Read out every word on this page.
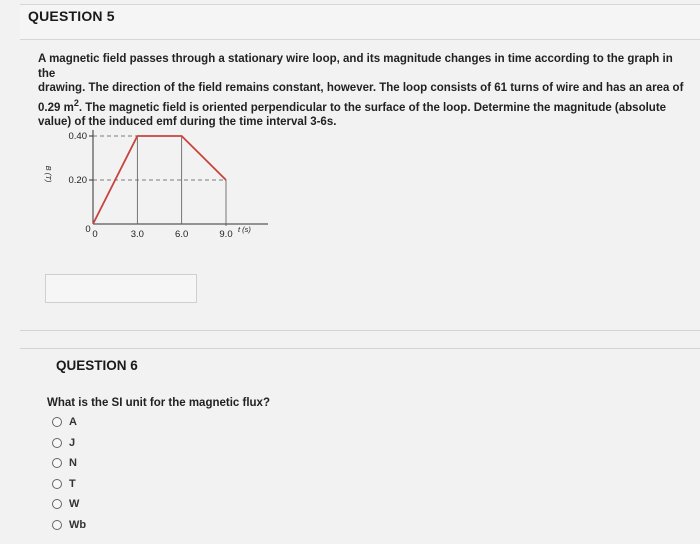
QUESTION 5
A magnetic field passes through a stationary wire loop, and its magnitude changes in time according to the graph in the
drawing. The direction of the field remains constant, however. The loop consists of 61 turns of wire and has an area of
0.29 $m^2$. The magnetic field is oriented perpendicular to the surface of the loop. Determine the magnitude (absolute
value) of the induced emf during the time interval 3-6s.
0.40
0.20
0 0	3.0	6.0	9.0 t (s)
B (T)
QUESTION 6
What is the SI unit for the magnetic flux?
A
J
N
T
W
Wb
